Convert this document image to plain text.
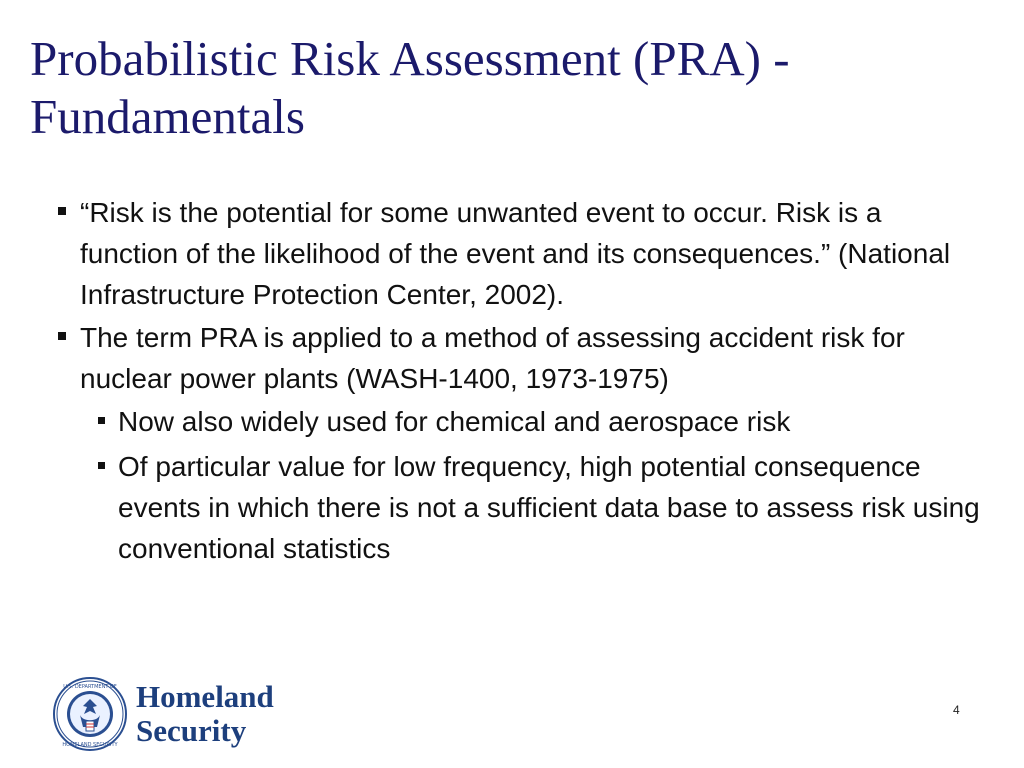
Probabilistic Risk Assessment (PRA) - Fundamentals
“Risk is the potential for some unwanted event to occur. Risk is a function of the likelihood of the event and its consequences.” (National Infrastructure Protection Center, 2002).
The term PRA is applied to a method of assessing accident risk for nuclear power plants (WASH-1400, 1973-1975)
Now also widely used for chemical and aerospace risk
Of particular value for low frequency, high potential consequence events in which there is not a sufficient data base to assess risk using conventional statistics
U.S. DEPARTMENT OF
HOMELAND SECURITY
Homeland
Security
4
